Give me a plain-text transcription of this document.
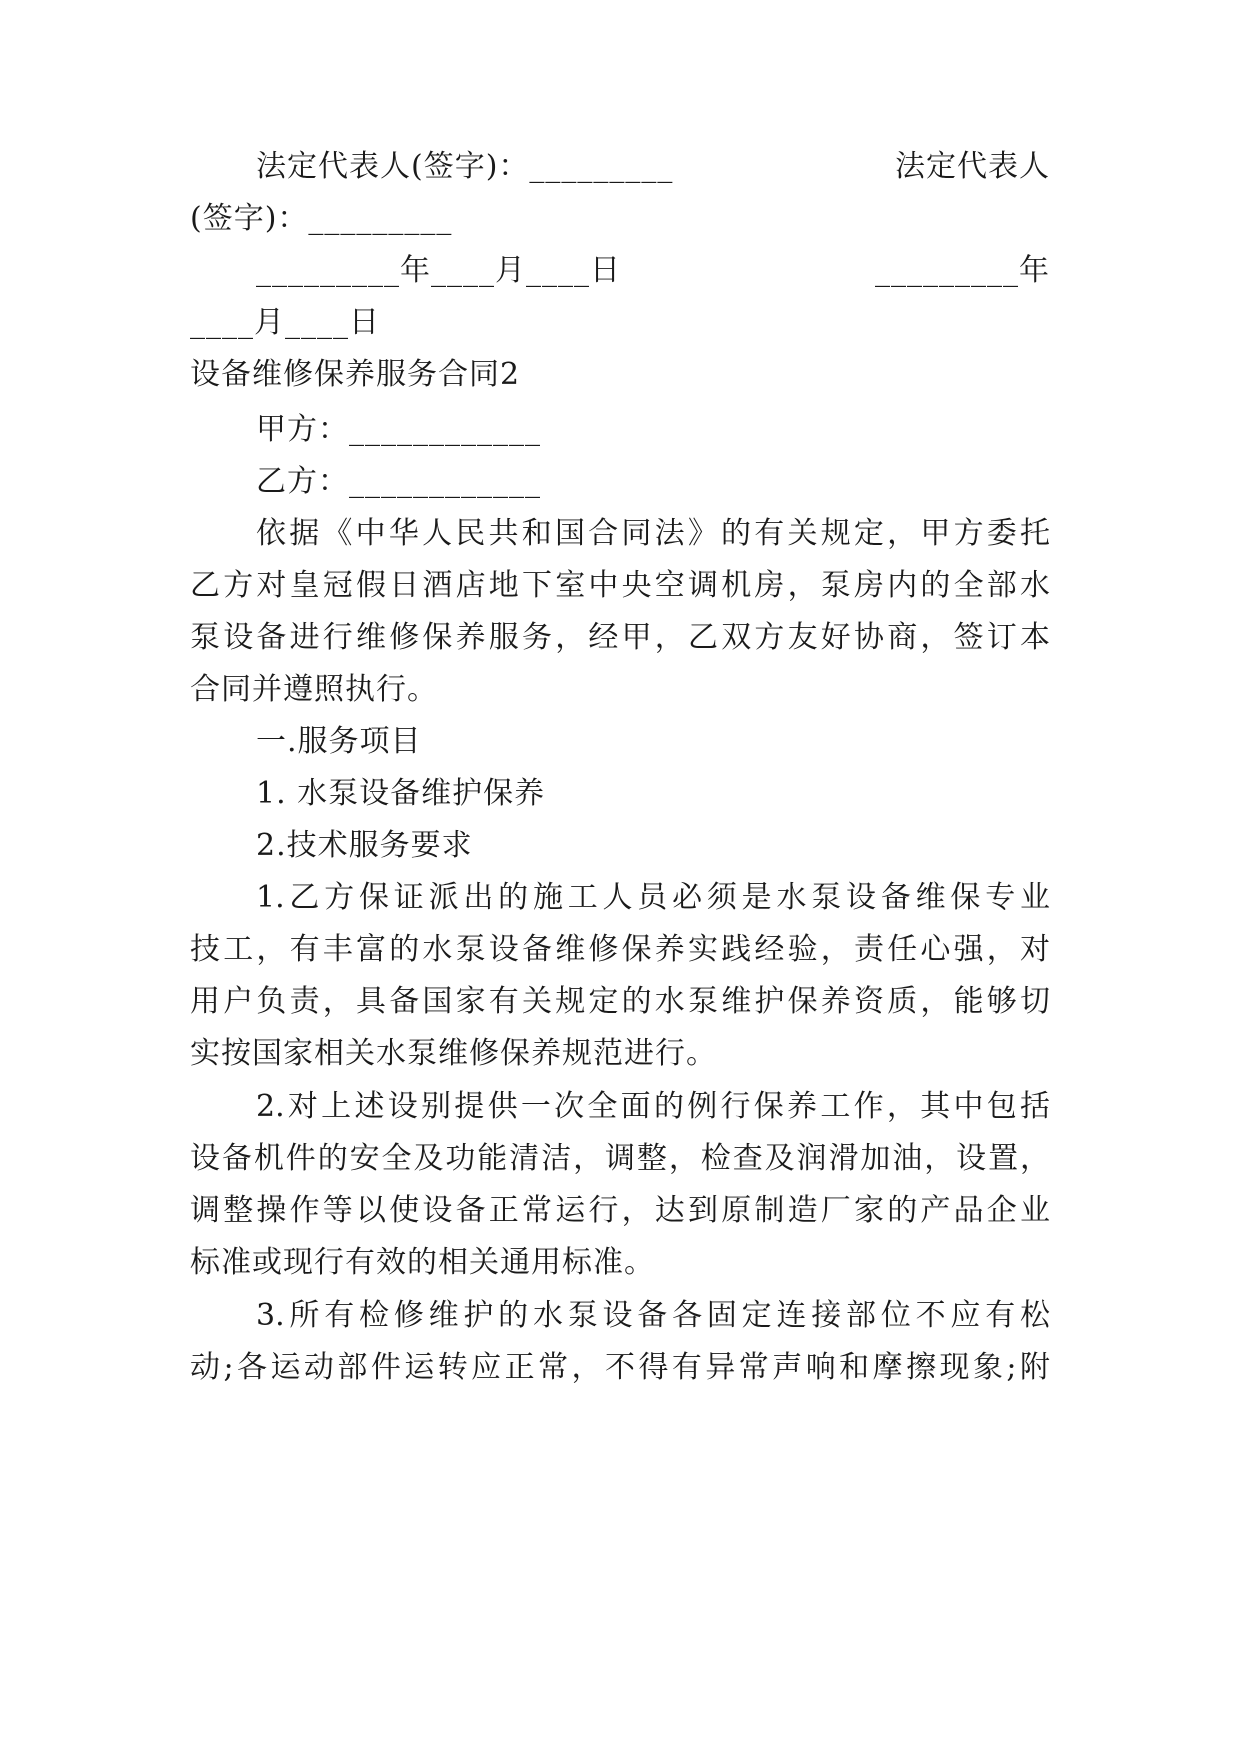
法定代表人(签字)：_________	法定代表人
(签字)：_________
_________年____月____日	_________年
____月____日
设备维修保养服务合同2
甲方：____________
乙方：____________
依据《中华人民共和国合同法》的有关规定，甲方委托
乙方对皇冠假日酒店地下室中央空调机房，泵房内的全部水
泵设备进行维修保养服务，经甲，乙双方友好协商，签订本
合同并遵照执行。
一.服务项目
1. 水泵设备维护保养
2.技术服务要求
1.乙方保证派出的施工人员必须是水泵设备维保专业
技工，有丰富的水泵设备维修保养实践经验，责任心强，对
用户负责，具备国家有关规定的水泵维护保养资质，能够切
实按国家相关水泵维修保养规范进行。
2.对上述设别提供一次全面的例行保养工作，其中包括
设备机件的安全及功能清洁，调整，检查及润滑加油，设置，
调整操作等以使设备正常运行，达到原制造厂家的产品企业
标准或现行有效的相关通用标准。
3.所有检修维护的水泵设备各固定连接部位不应有松
动;各运动部件运转应正常，不得有异常声响和摩擦现象;附
